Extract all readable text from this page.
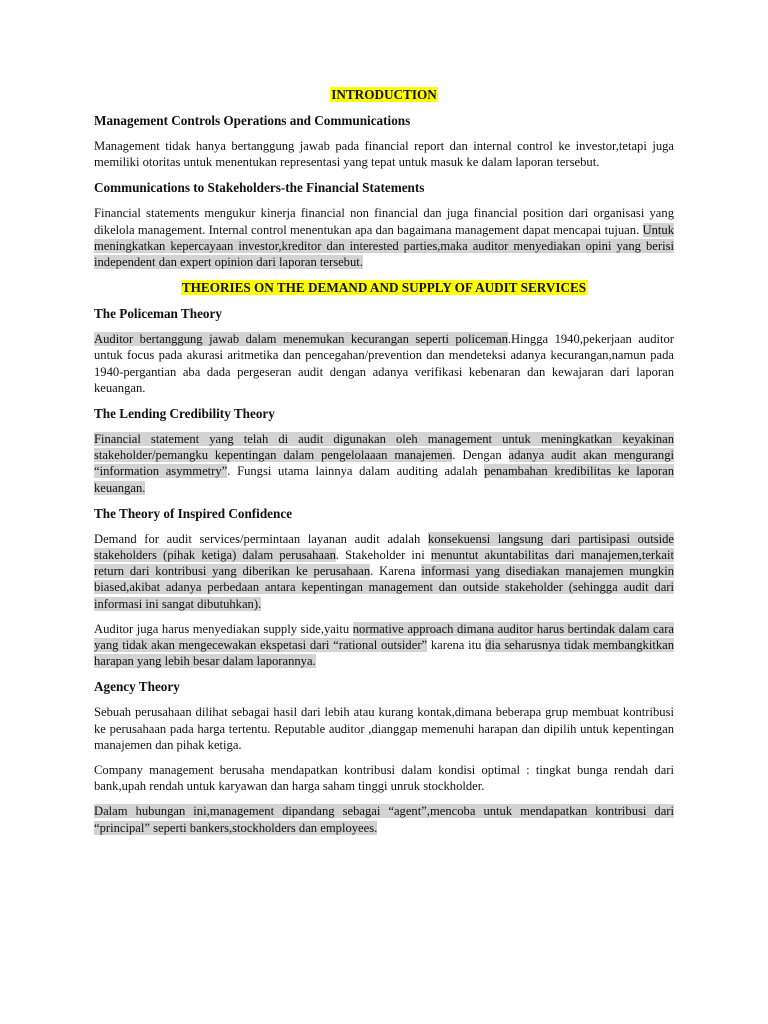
INTRODUCTION
Management Controls Operations and Communications

Management tidak hanya bertanggung jawab pada financial report dan internal control ke investor,tetapi juga memiliki otoritas untuk menentukan representasi yang tepat untuk masuk ke dalam laporan tersebut.

Communications to Stakeholders-the Financial Statements

Financial statements mengukur kinerja financial non financial dan juga financial position dari organisasi yang dikelola management. Internal control menentukan apa dan bagaimana management dapat mencapai tujuan. Untuk meningkatkan kepercayaan investor,kreditor dan interested parties,maka auditor menyediakan opini yang berisi independent dan expert opinion dari laporan tersebut.

THEORIES ON THE DEMAND AND SUPPLY OF AUDIT SERVICES
The Policeman Theory

Auditor bertanggung jawab dalam menemukan kecurangan seperti policeman.Hingga 1940,pekerjaan auditor untuk focus pada akurasi aritmetika dan pencegahan/prevention dan mendeteksi adanya kecurangan,namun pada 1940-pergantian aba dada pergeseran audit dengan adanya verifikasi kebenaran dan kewajaran dari laporan keuangan.

The Lending Credibility Theory

Financial statement yang telah di audit digunakan oleh management untuk meningkatkan keyakinan stakeholder/pemangku kepentingan dalam pengelolaaan manajemen. Dengan adanya audit akan mengurangi “information asymmetry”. Fungsi utama lainnya dalam auditing adalah penambahan kredibilitas ke laporan keuangan.

The Theory of Inspired Confidence

Demand for audit services/permintaan layanan audit adalah konsekuensi langsung dari partisipasi outside stakeholders (pihak ketiga) dalam perusahaan. Stakeholder ini menuntut akuntabilitas dari manajemen,terkait return dari kontribusi yang diberikan ke perusahaan. Karena informasi yang disediakan manajemen mungkin biased,akibat adanya perbedaan antara kepentingan management dan outside stakeholder (sehingga audit dari informasi ini sangat dibutuhkan).

Auditor juga harus menyediakan supply side,yaitu normative approach dimana auditor harus bertindak dalam cara yang tidak akan mengecewakan ekspetasi dari “rational outsider” karena itu dia seharusnya tidak membangkitkan harapan yang lebih besar dalam laporannya.

Agency Theory

Sebuah perusahaan dilihat sebagai hasil dari lebih atau kurang kontak,dimana beberapa grup membuat kontribusi ke perusahaan pada harga tertentu. Reputable auditor ,dianggap memenuhi harapan dan dipilih untuk kepentingan manajemen dan pihak ketiga.

Company management berusaha mendapatkan kontribusi dalam kondisi optimal : tingkat bunga rendah dari bank,upah rendah untuk karyawan dan harga saham tinggi unruk stockholder.

Dalam hubungan ini,management dipandang sebagai “agent”,mencoba untuk mendapatkan kontribusi dari “principal” seperti bankers,stockholders dan employees.
